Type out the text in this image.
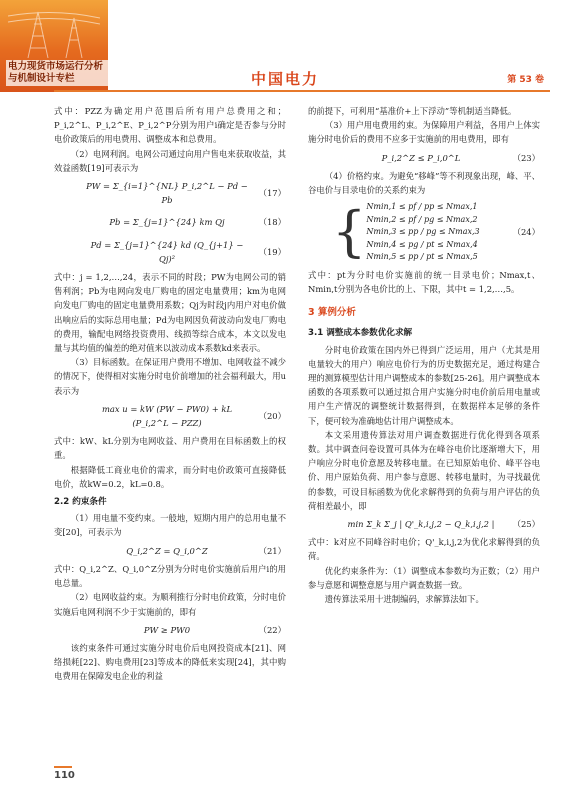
电力现货市场运行分析与机制设计专栏	中国电力	第 53 卷

式中：PZZ为确定用户范围后所有用户总费用之和；P_i,2^L、P_i,2^E、P_i,2^P分别为用户i确定是否参与分时电价政策后的用电费用、调整成本和总费用。

（2）电网利润。电网公司通过向用户售电来获取收益，其效益函数[19]可表示为

PW = Σ_{i=1}^{NL} P_i,2^L − Pd − Pb
（17）
Pb = Σ_{j=1}^{24} km Qj	（18）
Pd = Σ_{j=1}^{24} kd (Q_{j+1} − Qj)²
（19）

式中：j = 1,2,…,24，表示不同的时段；PW为电网公司的销售利润；Pb为电网向发电厂购电的固定电量费用；km为电网向发电厂购电的固定电量费用系数；Qj为时段j内用户对电价做出响应后的实际总用电量；Pd为电网因负荷波动向发电厂购电的费用，输配电网络投资费用、线损等综合成本，本文以发电量与其均值的偏差的绝对值来以波动成本系数kd来表示。

（3）目标函数。在保证用户费用不增加、电网收益不减少的情况下，使得相对实施分时电价前增加的社会福利最大，用u表示为

max u = kW (PW − PW0) + kL (P_i,2^L − PZZ)
（20）

式中：kW、kL分别为电网收益、用户费用在目标函数上的权重。

根据降低工商业电价的需求，而分时电价政策可直接降低电价，故kW=0.2，kL=0.8。

2.2 约束条件

（1）用电量不变约束。一般地，短期内用户的总用电量不变[20]，可表示为

Q_i,2^Z = Q_i,0^Z	（21）

式中：Q_i,2^Z、Q_i,0^Z分别为分时电价实施前后用户i的用电总量。

（2）电网收益约束。为顺利推行分时电价政策，分时电价实施后电网利润不少于实施前的，即有

PW ≥ PW0	（22）

该约束条件可通过实施分时电价后电网投资成本[21]、网络损耗[22]、购电费用[23]等成本的降低来实现[24]，其中购电费用在保障发电企业的利益

的前提下，可利用“基准价+上下浮动”等机制适当降低。

（3）用户用电费用约束。为保障用户利益，各用户上体实施分时电价后的费用不应多于实施前的用电费用，即有

P_i,2^Z ≤ P_i,0^L	（23）

（4）价格约束。为避免“移峰”等不利现象出现，峰、平、谷电价与目录电价的关系约束为

{ Nmin,1 ≤ pf / pp ≤ Nmax,1
Nmin,2 ≤ pf / pg ≤ Nmax,2
Nmin,3 ≤ pp / pg ≤ Nmax,3
Nmin,4 ≤ pg / pt ≤ Nmax,4
Nmin,5 ≤ pp / pt ≤ Nmax,5
（24）

式中：pt为分时电价实施前的统一目录电价；Nmax,t、Nmin,t分别为各电价比的上、下限，其中t = 1,2,…,5。

3 算例分析
3.1 调整成本参数优化求解

分时电价政策在国内外已得到广泛运用，用户（尤其是用电量较大的用户）响应电价行为的历史数据充足，通过构建合理的测算模型估计用户调整成本的参数[25-26]。用户调整成本函数的各项系数可以通过拟合用户实施分时电价前后用电量或用户生产情况的调整统计数据得到，在数据样本足够的条件下，便可较为准确地估计用户调整成本。

本文采用遗传算法对用户调查数据进行优化得到各项系数。其中调查问卷设置可具体为在峰谷电价比逐渐增大下，用户响应分时电价意愿及转移电量。在已知原始电价、峰平谷电价、用户原始负荷、用户参与意愿、转移电量时，为寻找最优的参数，可设目标函数为优化求解得到的负荷与用户评估的负荷相差最小，即

min Σ_k Σ_j | Q'_k,i,j,2 − Q_k,i,j,2 |	（25）

式中：k对应不同峰谷时电价；Q'_k,i,j,2为优化求解得到的负荷。

优化约束条件为：（1）调整成本参数均为正数；（2）用户参与意愿和调整意愿与用户调查数据一致。

遗传算法采用十进制编码，求解算法如下。

110
